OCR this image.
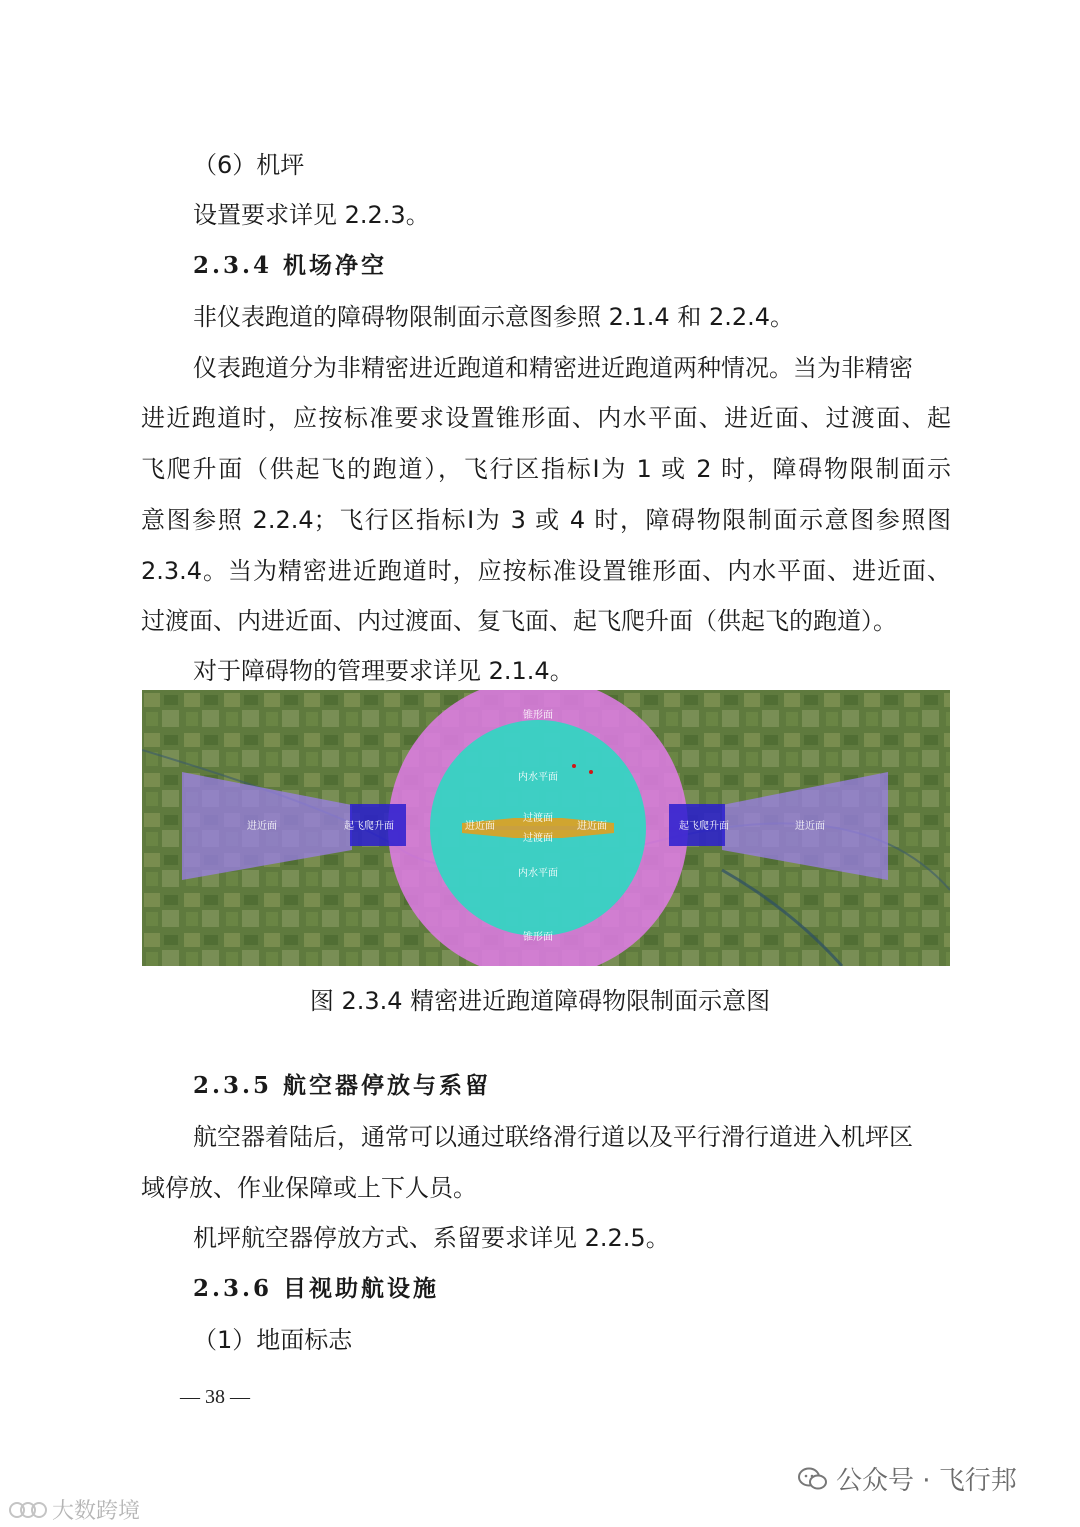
（6）机坪
设置要求详见 2.2.3。
2.3.4 机场净空
非仪表跑道的障碍物限制面示意图参照 2.1.4 和 2.2.4。
仪表跑道分为非精密进近跑道和精密进近跑道两种情况。当为非精密
进近跑道时，应按标准要求设置锥形面、内水平面、进近面、过渡面、起
飞爬升面（供起飞的跑道），飞行区指标Ⅰ为 1 或 2 时，障碍物限制面示
意图参照 2.2.4；飞行区指标Ⅰ为 3 或 4 时，障碍物限制面示意图参照图
2.3.4。当为精密进近跑道时，应按标准设置锥形面、内水平面、进近面、
过渡面、内进近面、内过渡面、复飞面、起飞爬升面（供起飞的跑道）。
对于障碍物的管理要求详见 2.1.4。
锥形面
锥形面
内水平面
内水平面
进近面	进近面
起飞爬升面	起飞爬升面
进近面	进近面
过渡面
过渡面
图 2.3.4 精密进近跑道障碍物限制面示意图
2.3.5 航空器停放与系留
航空器着陆后，通常可以通过联络滑行道以及平行滑行道进入机坪区
域停放、作业保障或上下人员。
机坪航空器停放方式、系留要求详见 2.2.5。
2.3.6 目视助航设施
（1）地面标志
— 38 —
公众号 · 飞行邦
大数跨境
